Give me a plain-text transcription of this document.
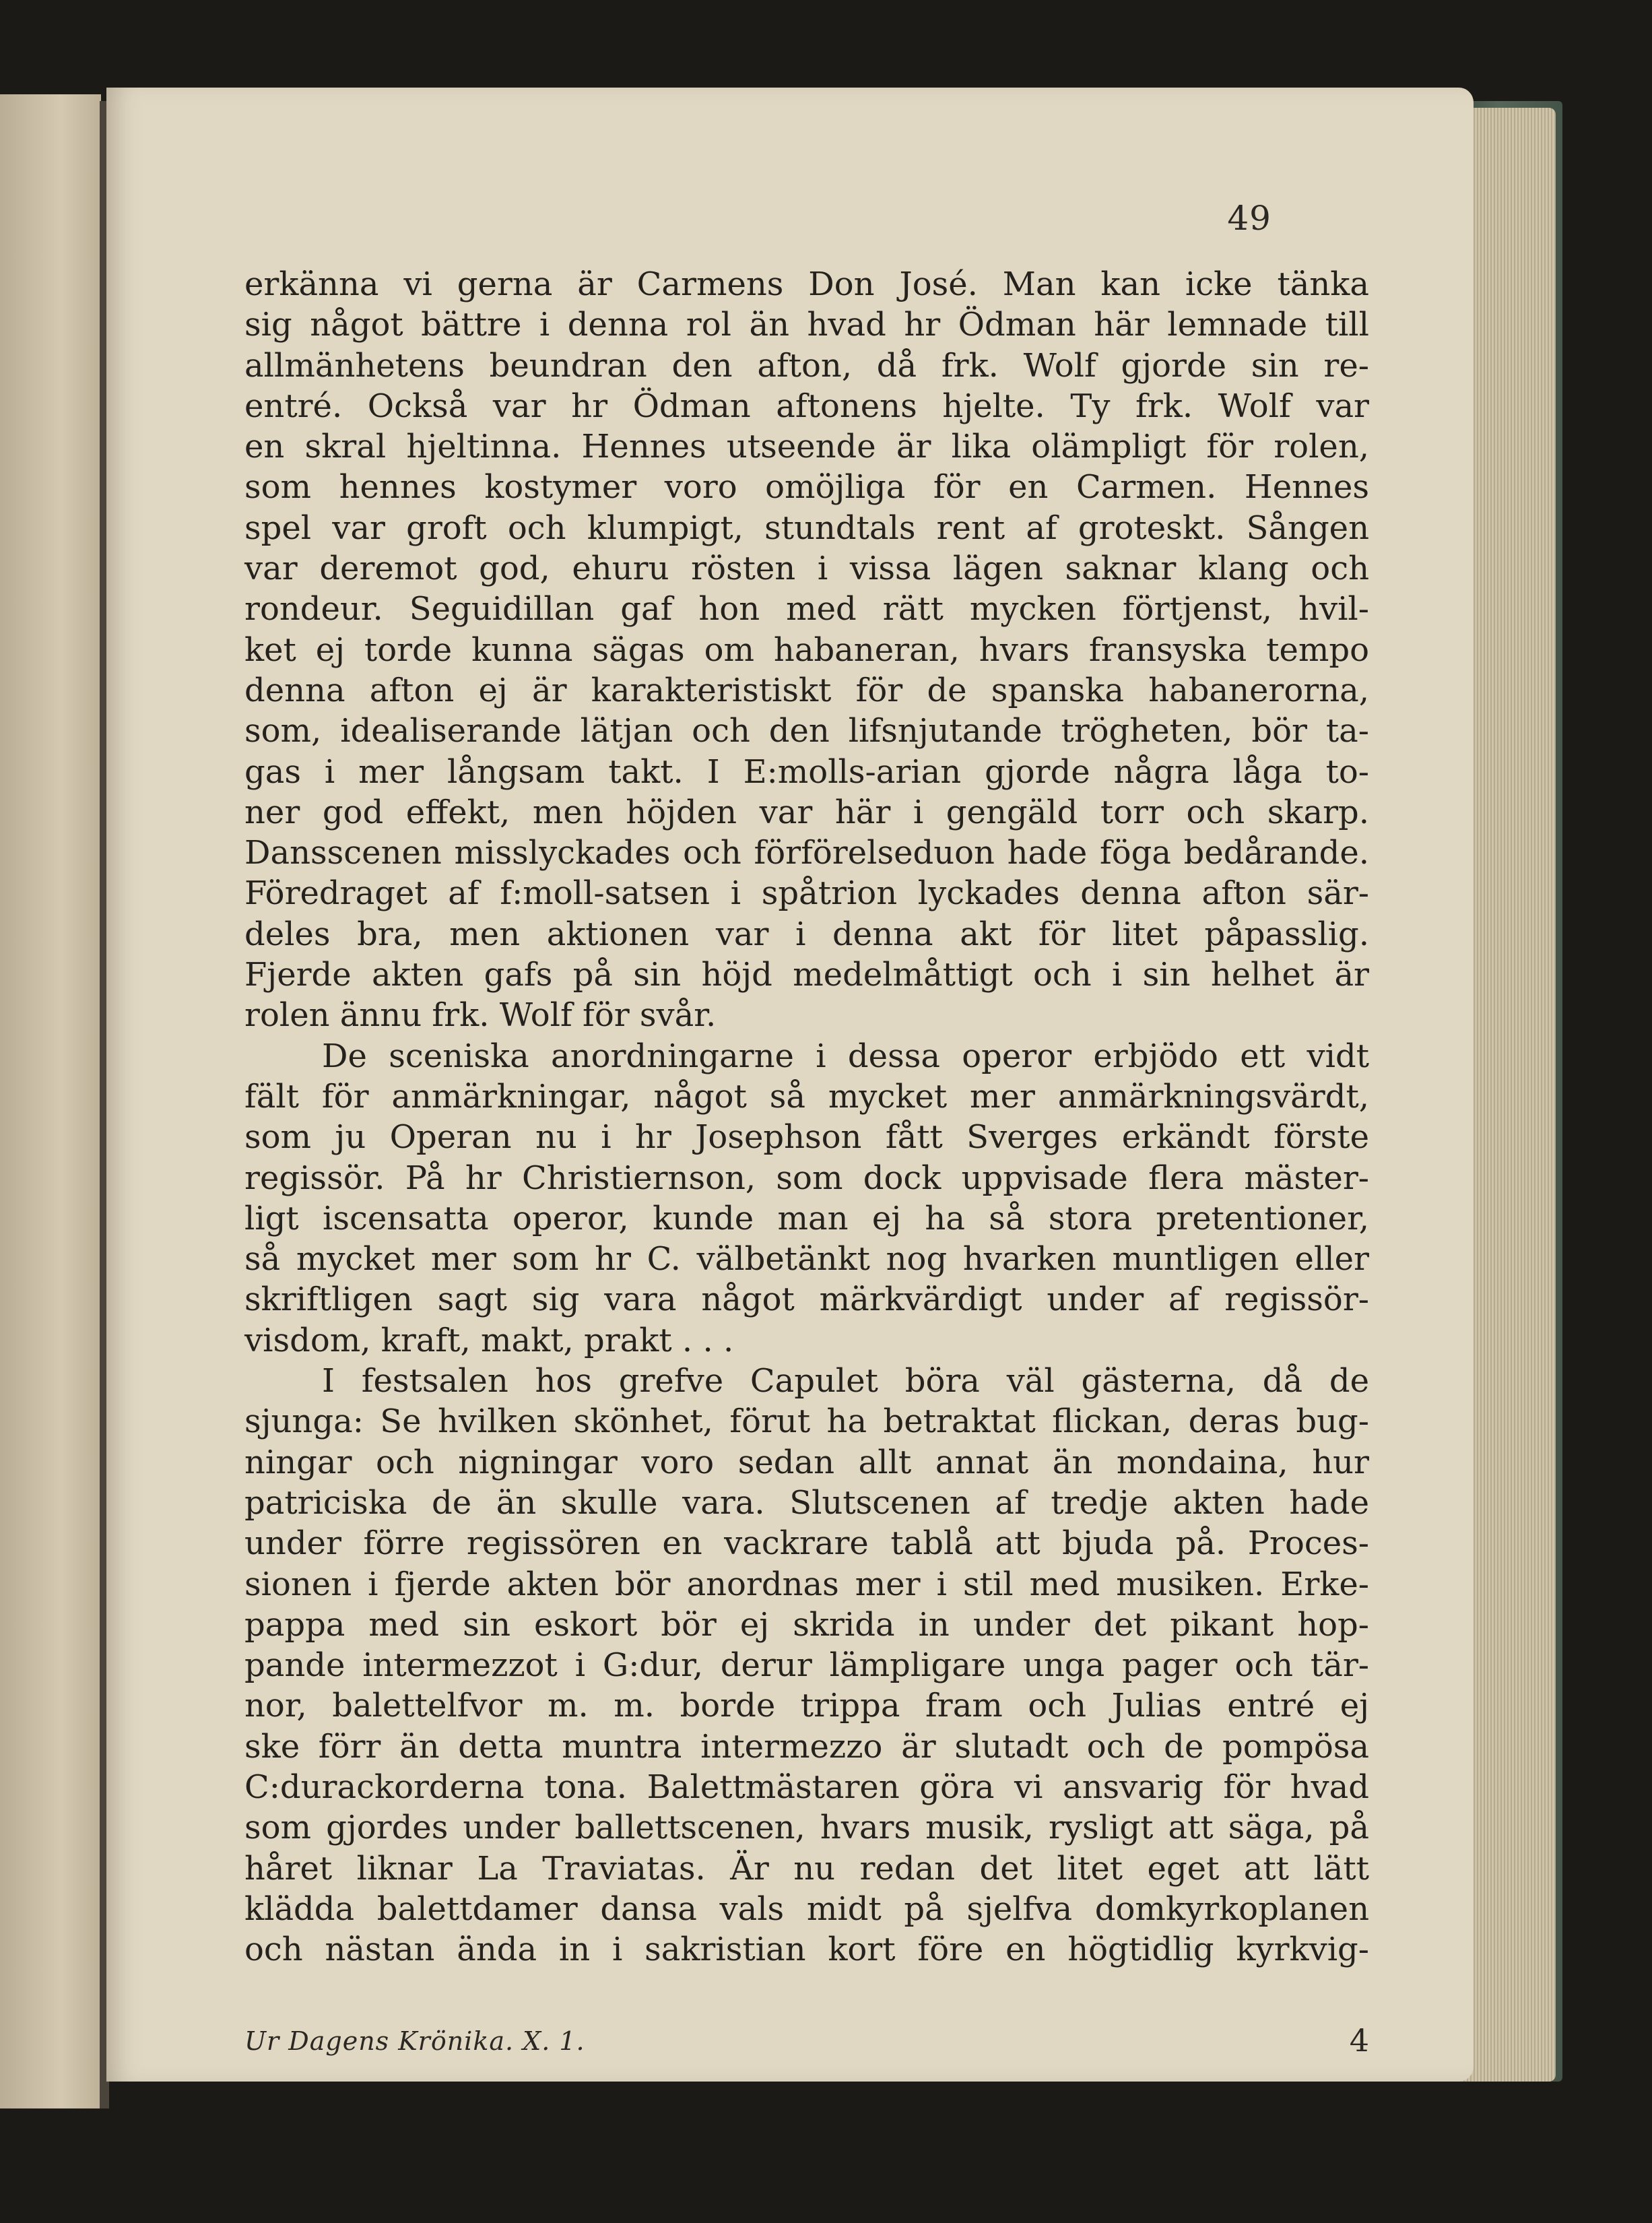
49
erkänna vi gerna är Carmens Don José. Man kan icke tänka
sig något bättre i denna rol än hvad hr Ödman här lemnade till
allmänhetens beundran den afton, då frk. Wolf gjorde sin re-
entré. Också var hr Ödman aftonens hjelte. Ty frk. Wolf var
en skral hjeltinna. Hennes utseende är lika olämpligt för rolen,
som hennes kostymer voro omöjliga för en Carmen. Hennes
spel var groft och klumpigt, stundtals rent af groteskt. Sången
var deremot god, ehuru rösten i vissa lägen saknar klang och
rondeur. Seguidillan gaf hon med rätt mycken förtjenst, hvil-
ket ej torde kunna sägas om habaneran, hvars fransyska tempo
denna afton ej är karakteristiskt för de spanska habanerorna,
som, idealiserande lätjan och den lifsnjutande trögheten, bör ta-
gas i mer långsam takt. I E:molls-arian gjorde några låga to-
ner god effekt, men höjden var här i gengäld torr och skarp.
Dansscenen misslyckades och förförelseduon hade föga bedårande.
Föredraget af f:moll-satsen i spåtrion lyckades denna afton sär-
deles bra, men aktionen var i denna akt för litet påpasslig.
Fjerde akten gafs på sin höjd medelmåttigt och i sin helhet är
rolen ännu frk. Wolf för svår.
De sceniska anordningarne i dessa operor erbjödo ett vidt
fält för anmärkningar, något så mycket mer anmärkningsvärdt,
som ju Operan nu i hr Josephson fått Sverges erkändt förste
regissör. På hr Christiernson, som dock uppvisade flera mäster-
ligt iscensatta operor, kunde man ej ha så stora pretentioner,
så mycket mer som hr C. välbetänkt nog hvarken muntligen eller
skriftligen sagt sig vara något märkvärdigt under af regissör-
visdom, kraft, makt, prakt . . .
I festsalen hos grefve Capulet böra väl gästerna, då de
sjunga: Se hvilken skönhet, förut ha betraktat flickan, deras bug-
ningar och nigningar voro sedan allt annat än mondaina, hur
patriciska de än skulle vara. Slutscenen af tredje akten hade
under förre regissören en vackrare tablå att bjuda på. Proces-
sionen i fjerde akten bör anordnas mer i stil med musiken. Erke-
pappa med sin eskort bör ej skrida in under det pikant hop-
pande intermezzot i G:dur, derur lämpligare unga pager och tär-
nor, balettelfvor m. m. borde trippa fram och Julias entré ej
ske förr än detta muntra intermezzo är slutadt och de pompösa
C:durackorderna tona. Balettmästaren göra vi ansvarig för hvad
som gjordes under ballettscenen, hvars musik, rysligt att säga, på
håret liknar La Traviatas. Är nu redan det litet eget att lätt
klädda balettdamer dansa vals midt på sjelfva domkyrkoplanen
och nästan ända in i sakristian kort före en högtidlig kyrkvig-
Ur Dagens Krönika. X. 1.	4
